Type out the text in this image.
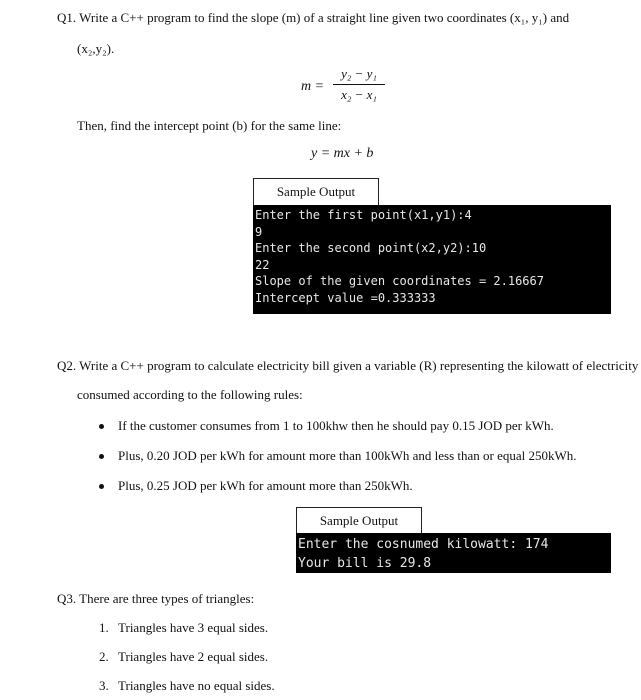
Q1. Write a C++ program to find the slope (m) of a straight line given two coordinates (x₁, y₁) and
(x₂,y₂).
m =
y₂ − y₁
x₂ − x₁
Then, find the intercept point (b) for the same line:
y = mx + b
Sample Output
Enter the first point(x1,y1):4
9
Enter the second point(x2,y2):10
22
Slope of the given coordinates = 2.16667
Intercept value =0.333333
Q2. Write a C++ program to calculate electricity bill given a variable (R) representing the kilowatt of electricity
consumed according to the following rules:
If the customer consumes from 1 to 100khw then he should pay 0.15 JOD per kWh.
Plus, 0.20 JOD per kWh for amount more than 100kWh and less than or equal 250kWh.
Plus, 0.25 JOD per kWh for amount more than 250kWh.
Sample Output
Enter the cosnumed kilowatt: 174
Your bill is 29.8
Q3. There are three types of triangles:
1. Triangles have 3 equal sides.
2. Triangles have 2 equal sides.
3. Triangles have no equal sides.
